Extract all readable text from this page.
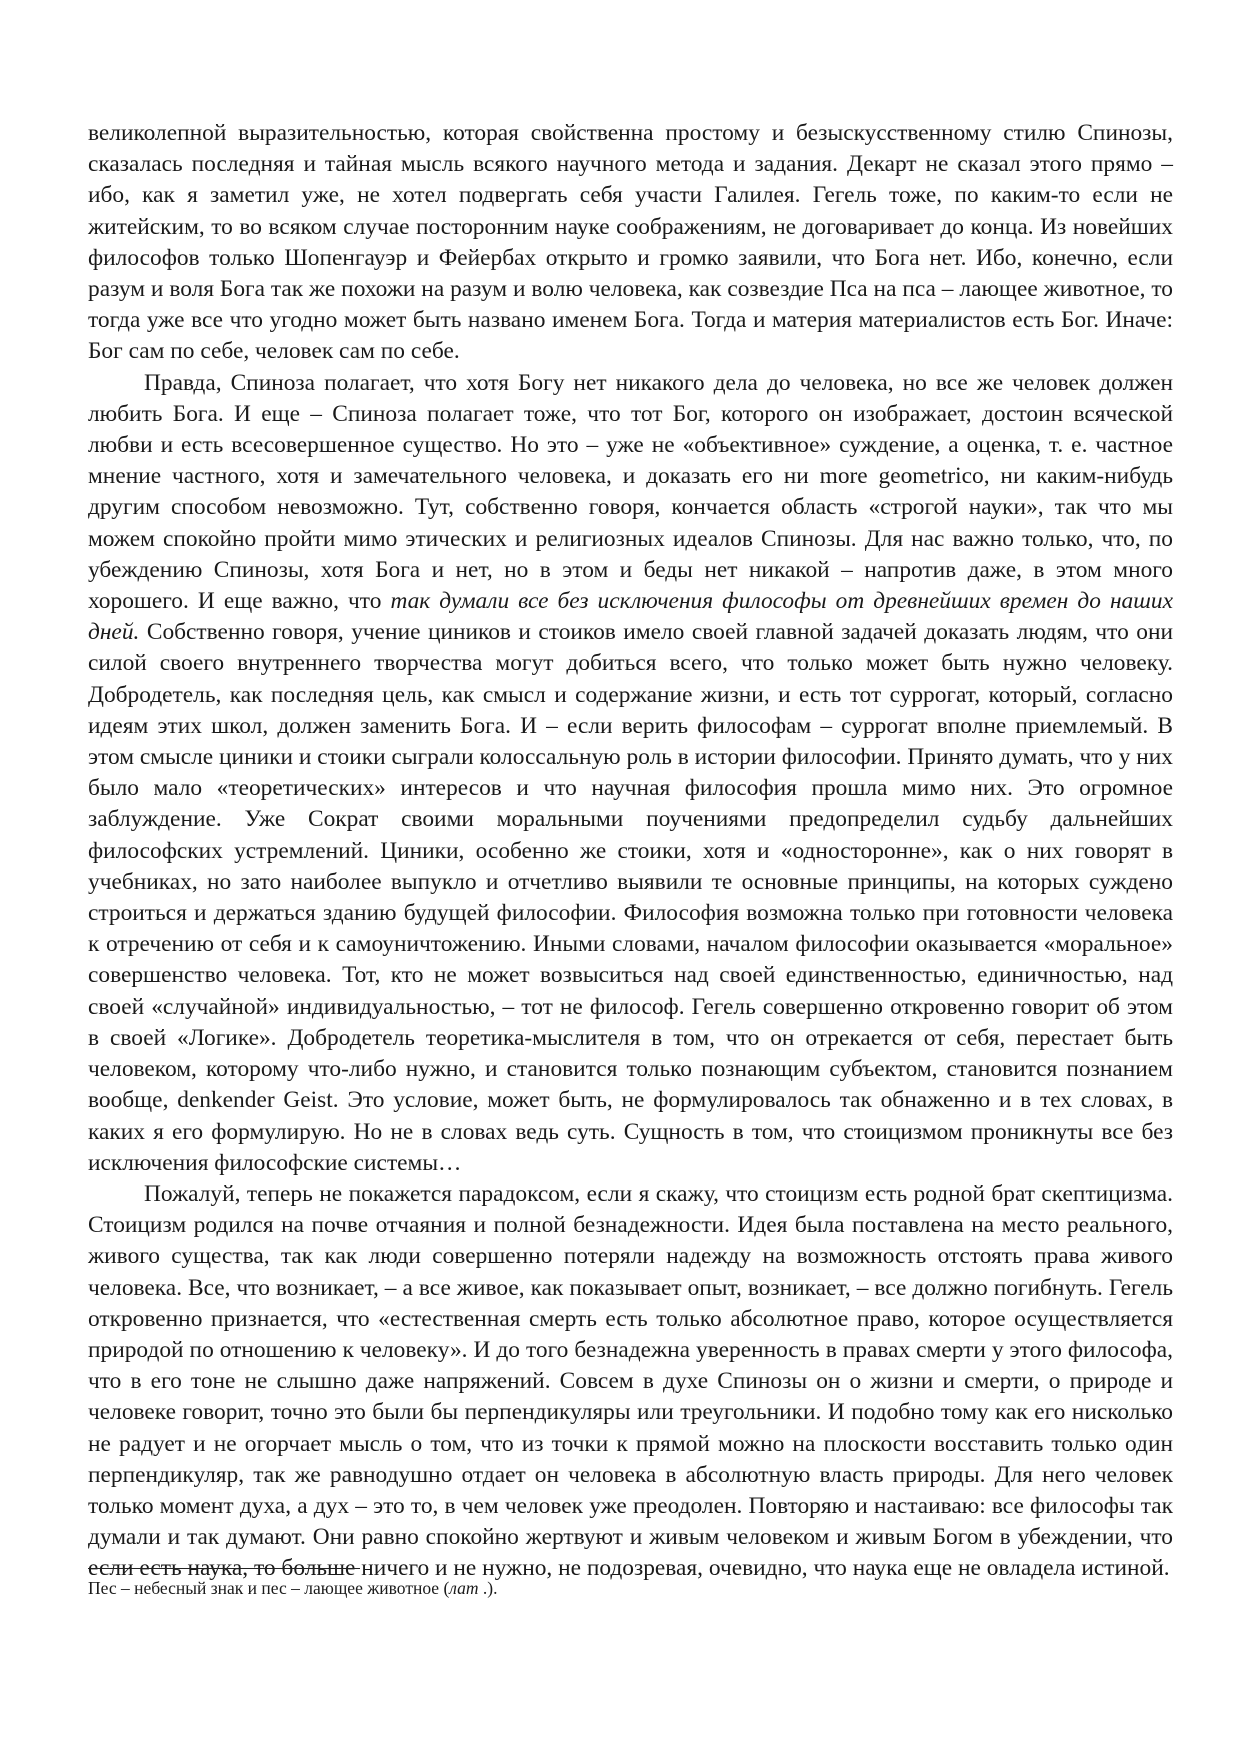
великолепной выразительностью, которая свойственна простому и безыскусственному стилю Спинозы, сказалась последняя и тайная мысль всякого научного метода и задания. Декарт не сказал этого прямо – ибо, как я заметил уже, не хотел подвергать себя участи Галилея. Гегель тоже, по каким-то если не житейским, то во всяком случае посторонним науке соображениям, не договаривает до конца. Из новейших философов только Шопенгауэр и Фейербах открыто и громко заявили, что Бога нет. Ибо, конечно, если разум и воля Бога так же похожи на разум и волю человека, как созвездие Пса на пса – лающее животное, то тогда уже все что угодно может быть названо именем Бога. Тогда и материя материалистов есть Бог. Иначе: Бог сам по себе, человек сам по себе.

Правда, Спиноза полагает, что хотя Богу нет никакого дела до человека, но все же человек должен любить Бога. И еще – Спиноза полагает тоже, что тот Бог, которого он изображает, достоин всяческой любви и есть всесовершенное существо. Но это – уже не «объективное» суждение, а оценка, т. е. частное мнение частного, хотя и замечательного человека, и доказать его ни more geometrico, ни каким-нибудь другим способом невозможно. Тут, собственно говоря, кончается область «строгой науки», так что мы можем спокойно пройти мимо этических и религиозных идеалов Спинозы. Для нас важно только, что, по убеждению Спинозы, хотя Бога и нет, но в этом и беды нет никакой – напротив даже, в этом много хорошего. И еще важно, что так думали все без исключения философы от древнейших времен до наших дней. Собственно говоря, учение циников и стоиков имело своей главной задачей доказать людям, что они силой своего внутреннего творчества могут добиться всего, что только может быть нужно человеку. Добродетель, как последняя цель, как смысл и содержание жизни, и есть тот суррогат, который, согласно идеям этих школ, должен заменить Бога. И – если верить философам – суррогат вполне приемлемый. В этом смысле циники и стоики сыграли колоссальную роль в истории философии. Принято думать, что у них было мало «теоретических» интересов и что научная философия прошла мимо них. Это огромное заблуждение. Уже Сократ своими моральными поучениями предопределил судьбу дальнейших философских устремлений. Циники, особенно же стоики, хотя и «односторонне», как о них говорят в учебниках, но зато наиболее выпукло и отчетливо выявили те основные принципы, на которых суждено строиться и держаться зданию будущей философии. Философия возможна только при готовности человека к отречению от себя и к самоуничтожению. Иными словами, началом философии оказывается «моральное» совершенство человека. Тот, кто не может возвыситься над своей единственностью, единичностью, над своей «случайной» индивидуальностью, – тот не философ. Гегель совершенно откровенно говорит об этом в своей «Логике». Добродетель теоретика-мыслителя в том, что он отрекается от себя, перестает быть человеком, которому что-либо нужно, и становится только познающим субъектом, становится познанием вообще, denkender Geist. Это условие, может быть, не формулировалось так обнаженно и в тех словах, в каких я его формулирую. Но не в словах ведь суть. Сущность в том, что стоицизмом проникнуты все без исключения философские системы…

Пожалуй, теперь не покажется парадоксом, если я скажу, что стоицизм есть родной брат скептицизма. Стоицизм родился на почве отчаяния и полной безнадежности. Идея была поставлена на место реального, живого существа, так как люди совершенно потеряли надежду на возможность отстоять права живого человека. Все, что возникает, – а все живое, как показывает опыт, возникает, – все должно погибнуть. Гегель откровенно признается, что «естественная смерть есть только абсолютное право, которое осуществляется природой по отношению к человеку». И до того безнадежна уверенность в правах смерти у этого философа, что в его тоне не слышно даже напряжений. Совсем в духе Спинозы он о жизни и смерти, о природе и человеке говорит, точно это были бы перпендикуляры или треугольники. И подобно тому как его нисколько не радует и не огорчает мысль о том, что из точки к прямой можно на плоскости восставить только один перпендикуляр, так же равнодушно отдает он человека в абсолютную власть природы. Для него человек только момент духа, а дух – это то, в чем человек уже преодолен. Повторяю и настаиваю: все философы так думали и так думают. Они равно спокойно жертвуют и живым человеком и живым Богом в убеждении, что если есть наука, то больше ничего и не нужно, не подозревая, очевидно, что наука еще не овладела истиной.

Пес – небесный знак и пес – лающее животное (лат .).
